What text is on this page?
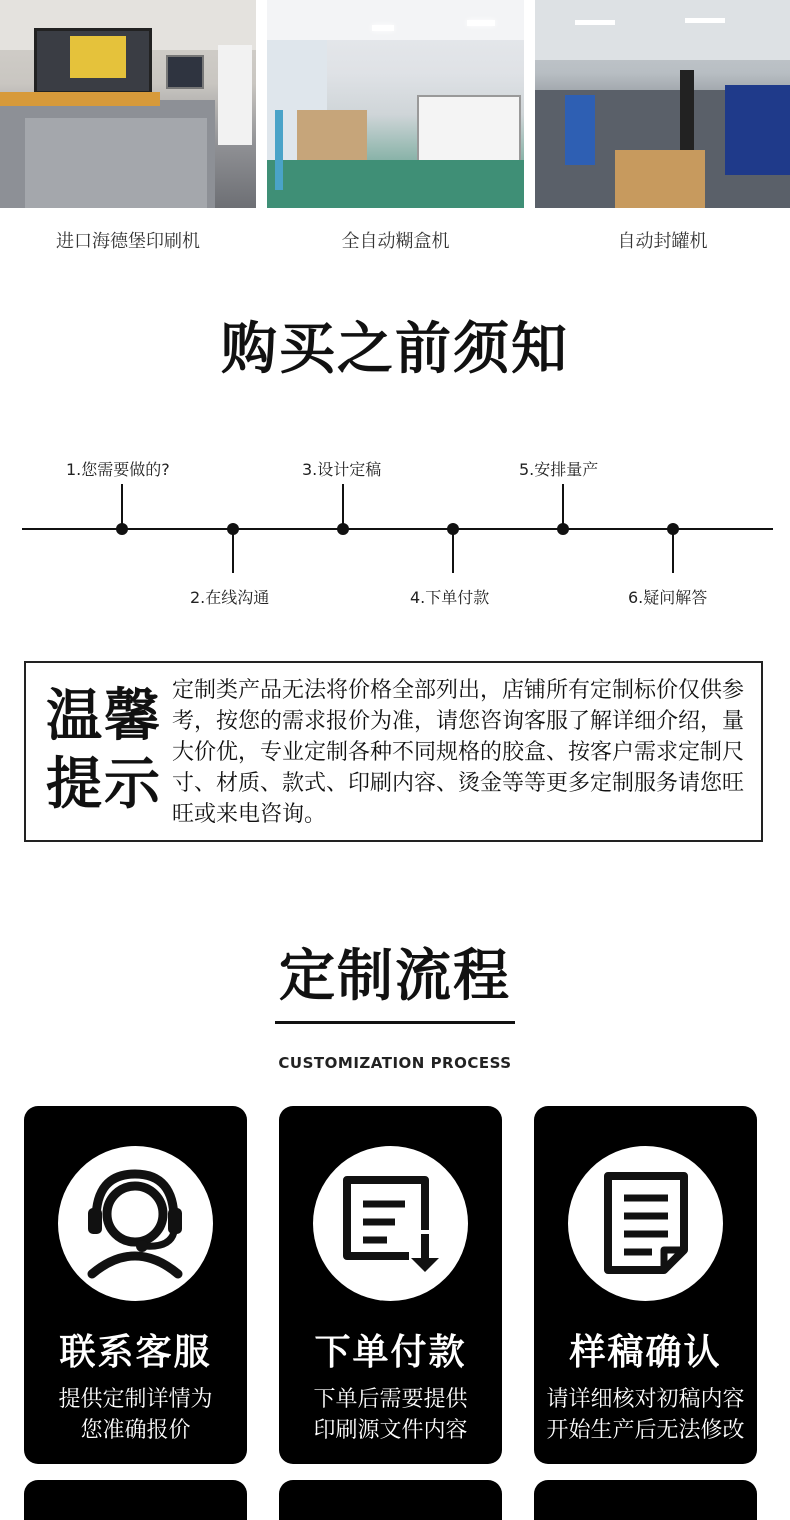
进口海德堡印刷机	全自动糊盒机	自动封罐机
购买之前须知
1.您需要做的?
2.在线沟通
3.设计定稿
4.下单付款
5.安排量产
6.疑问解答
温馨
提示
定制类产品无法将价格全部列出，店铺所有定制标价仅供参考，按您的需求报价为准，请您咨询客服了解详细介绍，量大价优，专业定制各种不同规格的胶盒、按客户需求定制尺寸、材质、款式、印刷内容、烫金等等更多定制服务请您旺旺或来电咨询。
定制流程
CUSTOMIZATION PROCESS
联系客服
提供定制详情为
您准确报价
下单付款
下单后需要提供
印刷源文件内容
样稿确认
请详细核对初稿内容
开始生产后无法修改
